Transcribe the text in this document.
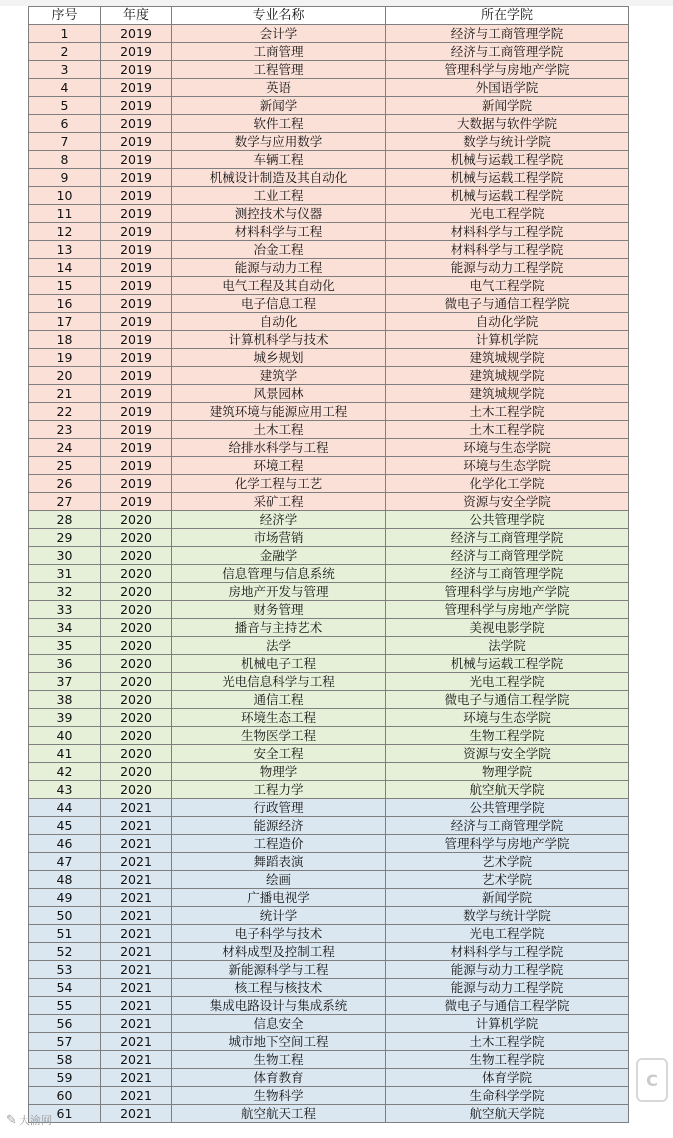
序号	年度	专业名称	所在学院
1	2019	会计学	经济与工商管理学院
2	2019	工商管理	经济与工商管理学院
3	2019	工程管理	管理科学与房地产学院
4	2019	英语	外国语学院
5	2019	新闻学	新闻学院
6	2019	软件工程	大数据与软件学院
7	2019	数学与应用数学	数学与统计学院
8	2019	车辆工程	机械与运载工程学院
9	2019	机械设计制造及其自动化	机械与运载工程学院
10	2019	工业工程	机械与运载工程学院
11	2019	测控技术与仪器	光电工程学院
12	2019	材料科学与工程	材料科学与工程学院
13	2019	冶金工程	材料科学与工程学院
14	2019	能源与动力工程	能源与动力工程学院
15	2019	电气工程及其自动化	电气工程学院
16	2019	电子信息工程	微电子与通信工程学院
17	2019	自动化	自动化学院
18	2019	计算机科学与技术	计算机学院
19	2019	城乡规划	建筑城规学院
20	2019	建筑学	建筑城规学院
21	2019	风景园林	建筑城规学院
22	2019	建筑环境与能源应用工程	土木工程学院
23	2019	土木工程	土木工程学院
24	2019	给排水科学与工程	环境与生态学院
25	2019	环境工程	环境与生态学院
26	2019	化学工程与工艺	化学化工学院
27	2019	采矿工程	资源与安全学院
28	2020	经济学	公共管理学院
29	2020	市场营销	经济与工商管理学院
30	2020	金融学	经济与工商管理学院
31	2020	信息管理与信息系统	经济与工商管理学院
32	2020	房地产开发与管理	管理科学与房地产学院
33	2020	财务管理	管理科学与房地产学院
34	2020	播音与主持艺术	美视电影学院
35	2020	法学	法学院
36	2020	机械电子工程	机械与运载工程学院
37	2020	光电信息科学与工程	光电工程学院
38	2020	通信工程	微电子与通信工程学院
39	2020	环境生态工程	环境与生态学院
40	2020	生物医学工程	生物工程学院
41	2020	安全工程	资源与安全学院
42	2020	物理学	物理学院
43	2020	工程力学	航空航天学院
44	2021	行政管理	公共管理学院
45	2021	能源经济	经济与工商管理学院
46	2021	工程造价	管理科学与房地产学院
47	2021	舞蹈表演	艺术学院
48	2021	绘画	艺术学院
49	2021	广播电视学	新闻学院
50	2021	统计学	数学与统计学院
51	2021	电子科学与技术	光电工程学院
52	2021	材料成型及控制工程	材料科学与工程学院
53	2021	新能源科学与工程	能源与动力工程学院
54	2021	核工程与核技术	能源与动力工程学院
55	2021	集成电路设计与集成系统	微电子与通信工程学院
56	2021	信息安全	计算机学院
57	2021	城市地下空间工程	土木工程学院
58	2021	生物工程	生物工程学院
59	2021	体育教育	体育学院
60	2021	生物科学	生命科学学院
61	2021	航空航天工程	航空航天学院
C
✎ 大渝网
